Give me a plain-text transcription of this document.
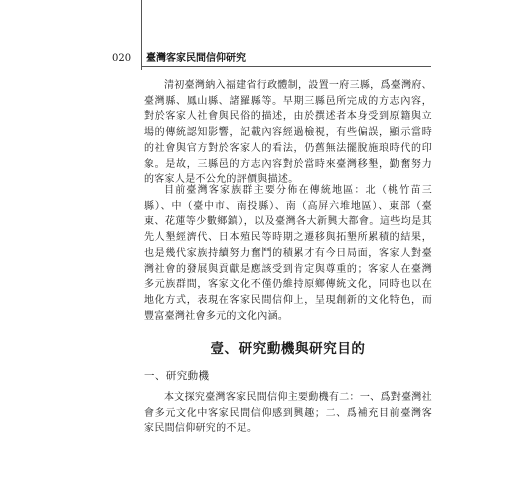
020 臺灣客家民間信仰研究

清初臺灣納入福建省行政體制，設置一府三縣，爲臺灣府、臺灣縣、鳳山縣、諸羅縣等。早期三縣邑所完成的方志內容，對於客家人社會與民俗的描述，由於撰述者本身受到原籍與立場的傳統認知影響，記載內容經過檢視，有些偏誤，顯示當時的社會與官方對於客家人的看法，仍舊無法擺脫施琅時代的印象。是故，三縣邑的方志內容對於當時來臺灣移墾，勤奮努力的客家人是不公允的評價與描述。

目前臺灣客家族群主要分佈在傳統地區：北（桃竹苗三縣）、中（臺中市、南投縣）、南（高屏六堆地區）、東部（臺東、花蓮等少數鄉鎮），以及臺灣各大新興大都會。這些均是其先人墾經濟代、日本殖民等時期之遷移與拓墾所累積的結果，也是幾代家族持續努力奮鬥的積累才有今日局面，客家人對臺灣社會的發展與貢獻是應該受到肯定與尊重的；客家人在臺灣多元族群間，客家文化不僅仍維持原鄉傳統文化，同時也以在地化方式，表現在客家民間信仰上，呈現創新的文化特色，而豐富臺灣社會多元的文化內涵。

壹、研究動機與研究目的
一、研究動機

本文探究臺灣客家民間信仰主要動機有二：一、爲對臺灣社會多元文化中客家民間信仰感到興趣；二、爲補充目前臺灣客家民間信仰研究的不足。
